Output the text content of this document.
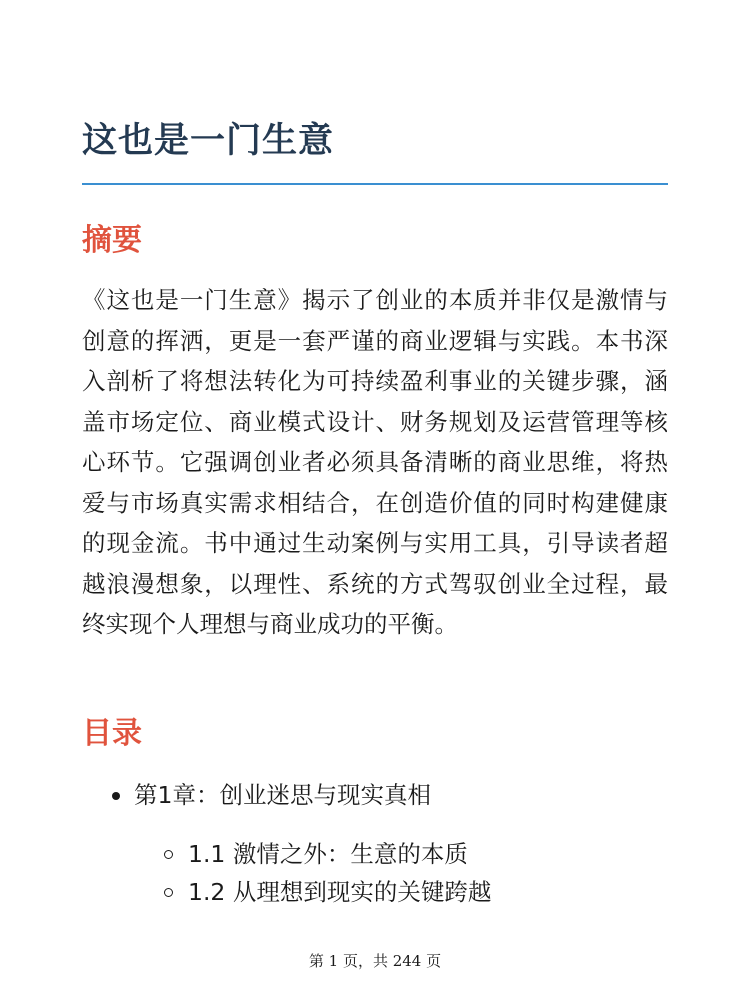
这也是一门生意
摘要

《这也是一门生意》揭示了创业的本质并非仅是激情与创意的挥洒，更是一套严谨的商业逻辑与实践。本书深入剖析了将想法转化为可持续盈利事业的关键步骤，涵盖市场定位、商业模式设计、财务规划及运营管理等核心环节。它强调创业者必须具备清晰的商业思维，将热爱与市场真实需求相结合，在创造价值的同时构建健康的现金流。书中通过生动案例与实用工具，引导读者超越浪漫想象，以理性、系统的方式驾驭创业全过程，最终实现个人理想与商业成功的平衡。

目录
第1章：创业迷思与现实真相
1.1 激情之外：生意的本质
1.2 从理想到现实的关键跨越
第 1 页，共 244 页
